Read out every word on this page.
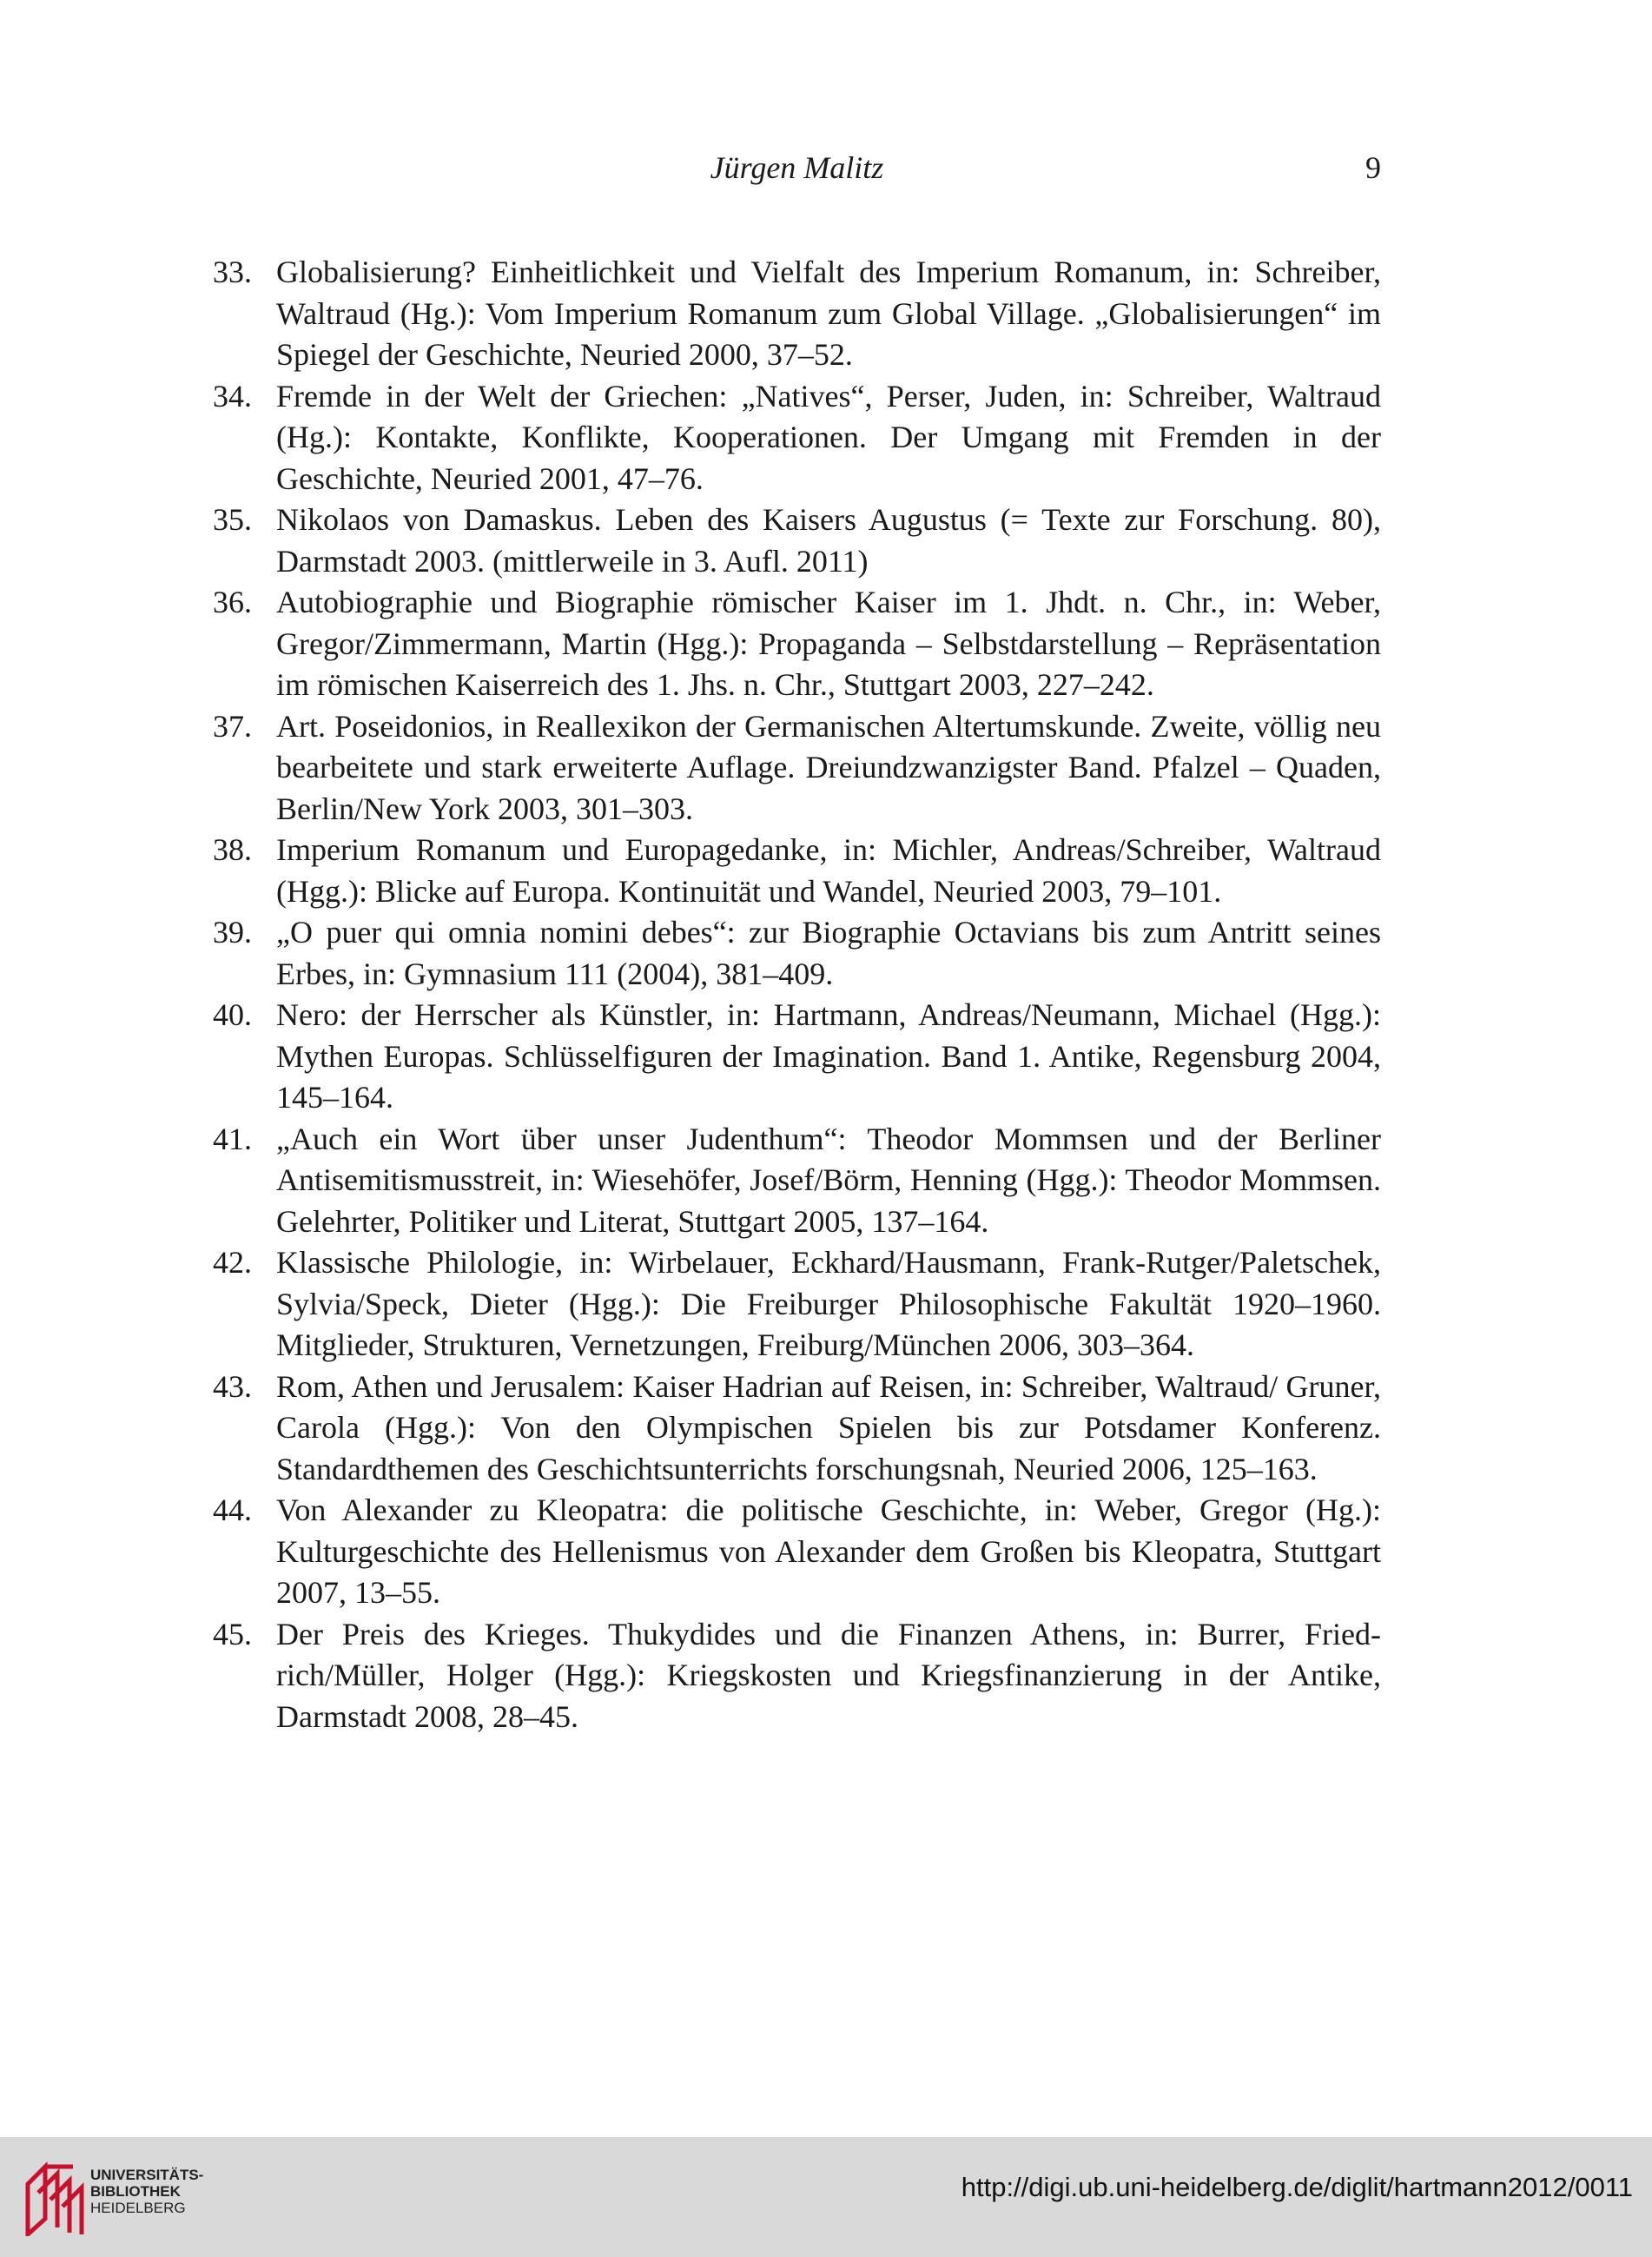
Jürgen Malitz	9
33. Globalisierung? Einheitlichkeit und Vielfalt des Imperium Romanum, in: Schreiber, Waltraud (Hg.): Vom Imperium Romanum zum Global Village. „Globalisierungen“ im Spiegel der Geschichte, Neuried 2000, 37–52.
34. Fremde in der Welt der Griechen: „Natives“, Perser, Juden, in: Schreiber, Waltraud (Hg.): Kontakte, Konflikte, Kooperationen. Der Umgang mit Fremden in der Geschichte, Neuried 2001, 47–76.
35. Nikolaos von Damaskus. Leben des Kaisers Augustus (= Texte zur Forschung. 80), Darmstadt 2003. (mittlerweile in 3. Aufl. 2011)
36. Autobiographie und Biographie römischer Kaiser im 1. Jhdt. n. Chr., in: Weber, Gregor/Zimmermann, Martin (Hgg.): Propaganda – Selbstdarstellung – Repräsentation im römischen Kaiserreich des 1. Jhs. n. Chr., Stuttgart 2003, 227–242.
37. Art. Poseidonios, in Reallexikon der Germanischen Altertumskunde. Zweite, völlig neu bearbeitete und stark erweiterte Auflage. Dreiundzwanzigster Band. Pfalzel – Quaden, Berlin/New York 2003, 301–303.
38. Imperium Romanum und Europagedanke, in: Michler, Andreas/Schreiber, Waltraud (Hgg.): Blicke auf Europa. Kontinuität und Wandel, Neuried 2003, 79–101.
39. „O puer qui omnia nomini debes“: zur Biographie Octavians bis zum Antritt seines Erbes, in: Gymnasium 111 (2004), 381–409.
40. Nero: der Herrscher als Künstler, in: Hartmann, Andreas/Neumann, Michael (Hgg.): Mythen Europas. Schlüsselfiguren der Imagination. Band 1. Antike, Regensburg 2004, 145–164.
41. „Auch ein Wort über unser Judenthum“: Theodor Mommsen und der Berliner Antisemitismusstreit, in: Wiesehöfer, Josef/Börm, Henning (Hgg.): Theodor Mommsen. Gelehrter, Politiker und Literat, Stuttgart 2005, 137–164.
42. Klassische Philologie, in: Wirbelauer, Eckhard/Hausmann, Frank-Rutger/Paletschek, Sylvia/Speck, Dieter (Hgg.): Die Freiburger Philosophische Fakultät 1920–1960. Mitglieder, Strukturen, Vernetzungen, Freiburg/München 2006, 303–364.
43. Rom, Athen und Jerusalem: Kaiser Hadrian auf Reisen, in: Schreiber, Waltraud/ Gruner, Carola (Hgg.): Von den Olympischen Spielen bis zur Potsdamer Konferenz. Standardthemen des Geschichtsunterrichts forschungsnah, Neuried 2006, 125–163.
44. Von Alexander zu Kleopatra: die politische Geschichte, in: Weber, Gregor (Hg.): Kulturgeschichte des Hellenismus von Alexander dem Großen bis Kleopatra, Stuttgart 2007, 13–55.
45. Der Preis des Krieges. Thukydides und die Finanzen Athens, in: Burrer, Friedrich/Müller, Holger (Hgg.): Kriegskosten und Kriegsfinanzierung in der Antike, Darmstadt 2008, 28–45.
UNIVERSITÄTS-
BIBLIOTHEK
HEIDELBERG
http://digi.ub.uni-heidelberg.de/diglit/hartmann2012/0011
